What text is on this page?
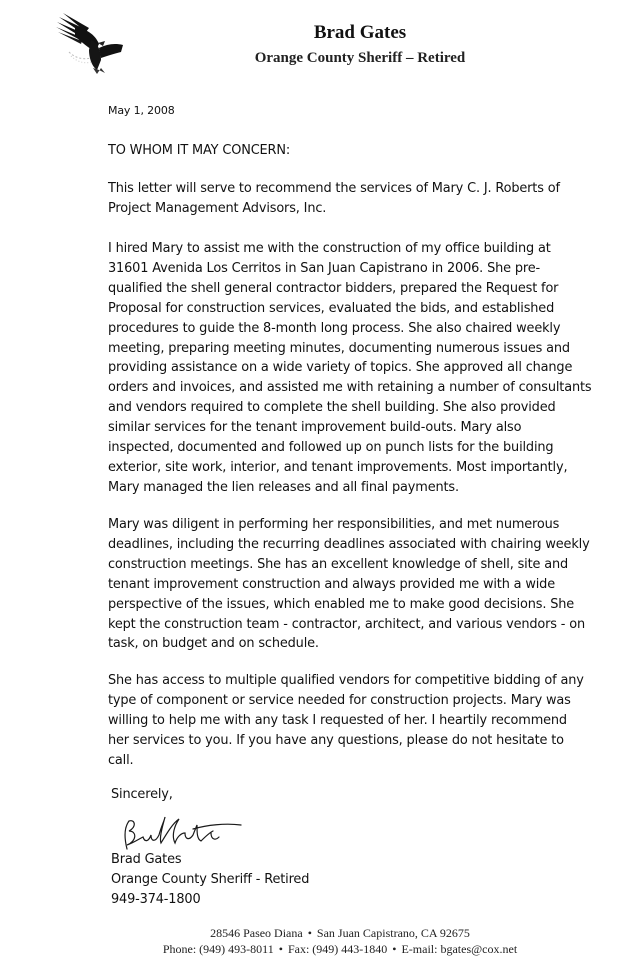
Brad Gates
Orange County Sheriff – Retired
May 1, 2008
TO WHOM IT MAY CONCERN:

This letter will serve to recommend the services of Mary C. J. Roberts of
Project Management Advisors, Inc.

I hired Mary to assist me with the construction of my office building at
31601 Avenida Los Cerritos in San Juan Capistrano in 2006. She pre-
qualified the shell general contractor bidders, prepared the Request for
Proposal for construction services, evaluated the bids, and established
procedures to guide the 8-month long process. She also chaired weekly
meeting, preparing meeting minutes, documenting numerous issues and
providing assistance on a wide variety of topics. She approved all change
orders and invoices, and assisted me with retaining a number of consultants
and vendors required to complete the shell building. She also provided
similar services for the tenant improvement build-outs. Mary also
inspected, documented and followed up on punch lists for the building
exterior, site work, interior, and tenant improvements. Most importantly,
Mary managed the lien releases and all final payments.

Mary was diligent in performing her responsibilities, and met numerous
deadlines, including the recurring deadlines associated with chairing weekly
construction meetings. She has an excellent knowledge of shell, site and
tenant improvement construction and always provided me with a wide
perspective of the issues, which enabled me to make good decisions. She
kept the construction team - contractor, architect, and various vendors - on
task, on budget and on schedule.

She has access to multiple qualified vendors for competitive bidding of any
type of component or service needed for construction projects. Mary was
willing to help me with any task I requested of her. I heartily recommend
her services to you. If you have any questions, please do not hesitate to
call.

Sincerely,
Brad Gates
Orange County Sheriff - Retired
949-374-1800
28546 Paseo Diana • San Juan Capistrano, CA 92675
Phone: (949) 493-8011 • Fax: (949) 443-1840 • E-mail: bgates@cox.net
